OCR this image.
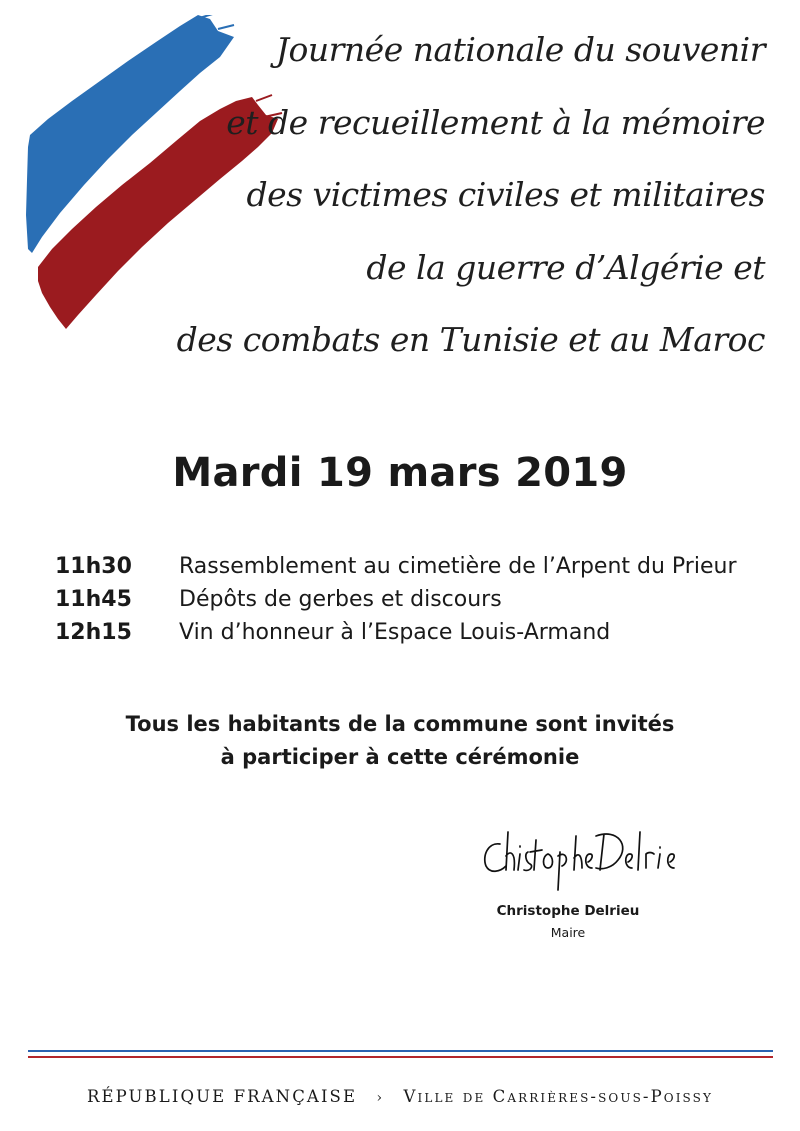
Journée nationale du souvenir
et de recueillement à la mémoire
des victimes civiles et militaires
de la guerre d’Algérie et
des combats en Tunisie et au Maroc
Mardi 19 mars 2019
11h30	Rassemblement au cimetière de l’Arpent du Prieur
11h45	Dépôts de gerbes et discours
12h15	Vin d’honneur à l’Espace Louis-Armand
Tous les habitants de la commune sont invités
à participer à cette cérémonie
Christophe Delrieu
Christophe Delrieu
Maire
RÉPUBLIQUE FRANÇAISE › Ville de Carrières-sous-Poissy
